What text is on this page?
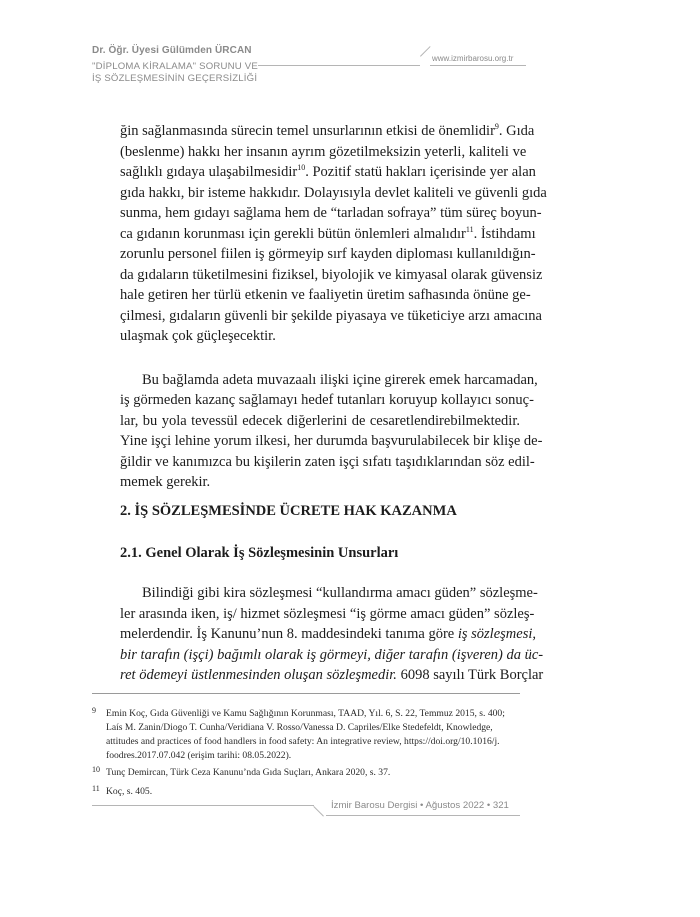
Dr. Öğr. Üyesi Gülümden ÜRCAN
"DİPLOMA KİRALAMA" SORUNU VE
İŞ SÖZLEŞMESİNİN GEÇERSİZLİĞİ
www.izmirbarosu.org.tr
ğin sağlanmasında sürecin temel unsurlarının etkisi de önemlidir$^9$. Gıda
(beslenme) hakkı her insanın ayrım gözetilmeksizin yeterli, kaliteli ve
sağlıklı gıdaya ulaşabilmesidir$^{10}$. Pozitif statü hakları içerisinde yer alan
gıda hakkı, bir isteme hakkıdır. Dolayısıyla devlet kaliteli ve güvenli gıda
sunma, hem gıdayı sağlama hem de “tarladan sofraya” tüm süreç boyun-
ca gıdanın korunması için gerekli bütün önlemleri almalıdır$^{11}$. İstihdamı
zorunlu personel fiilen iş görmeyip sırf kayden diploması kullanıldığın-
da gıdaların tüketilmesini fiziksel, biyolojik ve kimyasal olarak güvensiz
hale getiren her türlü etkenin ve faaliyetin üretim safhasında önüne ge-
çilmesi, gıdaların güvenli bir şekilde piyasaya ve tüketiciye arzı amacına
ulaşmak çok güçleşecektir.
Bu bağlamda adeta muvazaalı ilişki içine girerek emek harcamadan,
iş görmeden kazanç sağlamayı hedef tutanları koruyup kollayıcı sonuç-
lar, bu yola tevessül edecek diğerlerini de cesaretlendirebilmektedir.
Yine işçi lehine yorum ilkesi, her durumda başvurulabilecek bir klişe de-
ğildir ve kanımızca bu kişilerin zaten işçi sıfatı taşıdıklarından söz edil-
memek gerekir.
2. İŞ SÖZLEŞMESİNDE ÜCRETE HAK KAZANMA
2.1. Genel Olarak İş Sözleşmesinin Unsurları
Bilindiği gibi kira sözleşmesi “kullandırma amacı güden” sözleşme-
ler arasında iken, iş/ hizmet sözleşmesi “iş görme amacı güden” sözleş-
melerdendir. İş Kanunu’nun 8. maddesindeki tanıma göre iş sözleşmesi,
bir tarafın (işçi) bağımlı olarak iş görmeyi, diğer tarafın (işveren) da üc-
ret ödemeyi üstlenmesinden oluşan sözleşmedir. 6098 sayılı Türk Borçlar
9 Emin Koç, Gıda Güvenliği ve Kamu Sağlığının Korunması, TAAD, Yıl. 6, S. 22, Temmuz 2015, s. 400;
Laís M. Zanin/Diogo T. Cunha/Veridiana V. Rosso/Vanessa D. Capriles/Elke Stedefeldt, Knowledge,
attitudes and practices of food handlers in food safety: An integrative review, https://doi.org/10.1016/j.
foodres.2017.07.042 (erişim tarihi: 08.05.2022).
10 Tunç Demircan, Türk Ceza Kanunu’nda Gıda Suçları, Ankara 2020, s. 37.
11 Koç, s. 405.
İzmir Barosu Dergisi • Ağustos 2022 • 321
